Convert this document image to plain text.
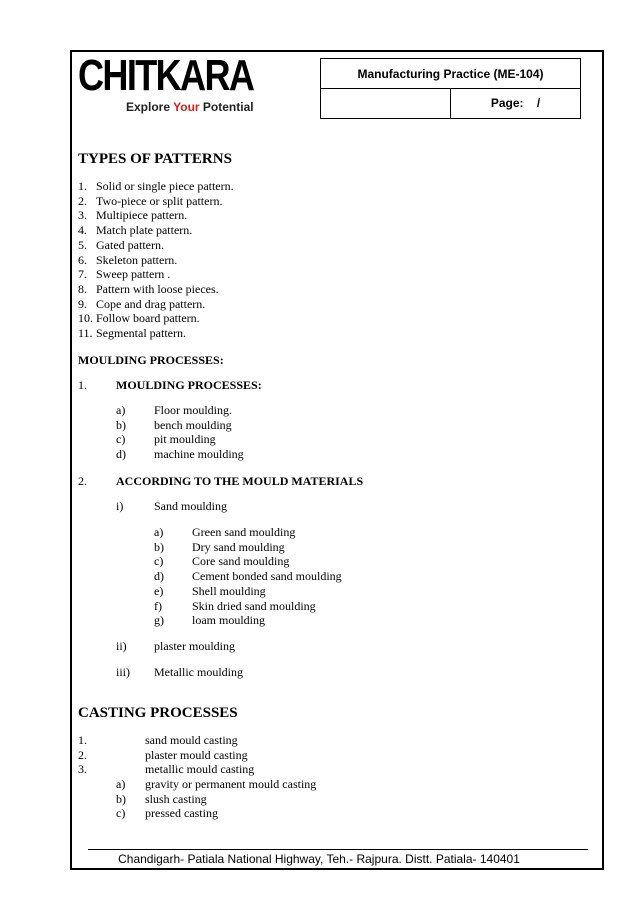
CHITKARA
Explore Your Potential
Manufacturing Practice (ME-104)
Page:    /
TYPES OF PATTERNS
1. Solid or single piece pattern.
2. Two-piece or split pattern.
3. Multipiece pattern.
4. Match plate pattern.
5. Gated pattern.
6. Skeleton pattern.
7. Sweep pattern .
8. Pattern with loose pieces.
9. Cope and drag pattern.
10. Follow board pattern.
11. Segmental pattern.
MOULDING PROCESSES:
1. MOULDING PROCESSES:
a) Floor moulding.
b) bench moulding
c) pit moulding
d) machine moulding
2. ACCORDING TO THE MOULD MATERIALS
i)	Sand moulding
a) Green sand moulding
b) Dry sand moulding
c) Core sand moulding
d) Cement bonded sand moulding
e) Shell moulding
f)	Skin dried sand moulding
g) loam moulding
ii) plaster moulding
iii) Metallic moulding
CASTING PROCESSES
1.	sand mould casting
2.	plaster mould casting
3.	metallic mould casting
a) gravity or permanent mould casting
b) slush casting
c) pressed casting
Chandigarh- Patiala National Highway, Teh.- Rajpura. Distt. Patiala- 140401
